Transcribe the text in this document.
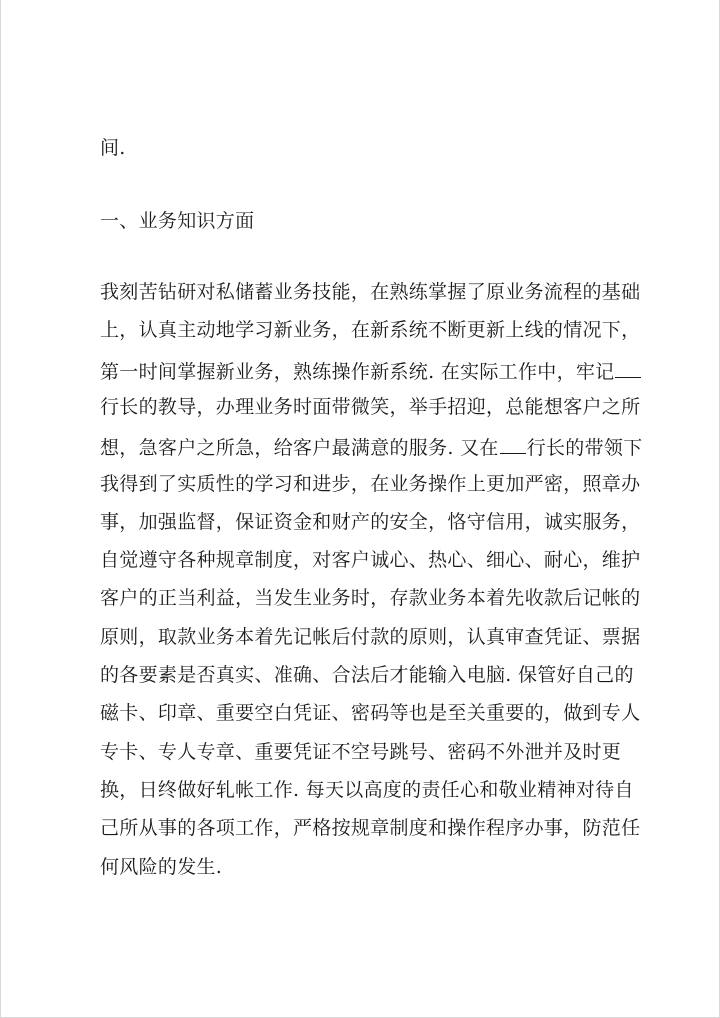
间.

一、业务知识方面

我刻苦钻研对私储蓄业务技能，在熟练掌握了原业务流程的基础

上，认真主动地学习新业务，在新系统不断更新上线的情况下，

第一时间掌握新业务，熟练操作新系统. 在实际工作中，牢记

行长的教导，办理业务时面带微笑，举手招迎，总能想客户之所

想，急客户之所急，给客户最满意的服务. 又在 行长的带领下

我得到了实质性的学习和进步，在业务操作上更加严密，照章办

事，加强监督，保证资金和财产的安全，恪守信用，诚实服务，

自觉遵守各种规章制度，对客户诚心、热心、细心、耐心，维护

客户的正当利益，当发生业务时，存款业务本着先收款后记帐的

原则，取款业务本着先记帐后付款的原则，认真审查凭证、票据

的各要素是否真实、准确、合法后才能输入电脑. 保管好自己的

磁卡、印章、重要空白凭证、密码等也是至关重要的，做到专人

专卡、专人专章、重要凭证不空号跳号、密码不外泄并及时更

换，日终做好轧帐工作. 每天以高度的责任心和敬业精神对待自

己所从事的各项工作，严格按规章制度和操作程序办事，防范任

何风险的发生.
